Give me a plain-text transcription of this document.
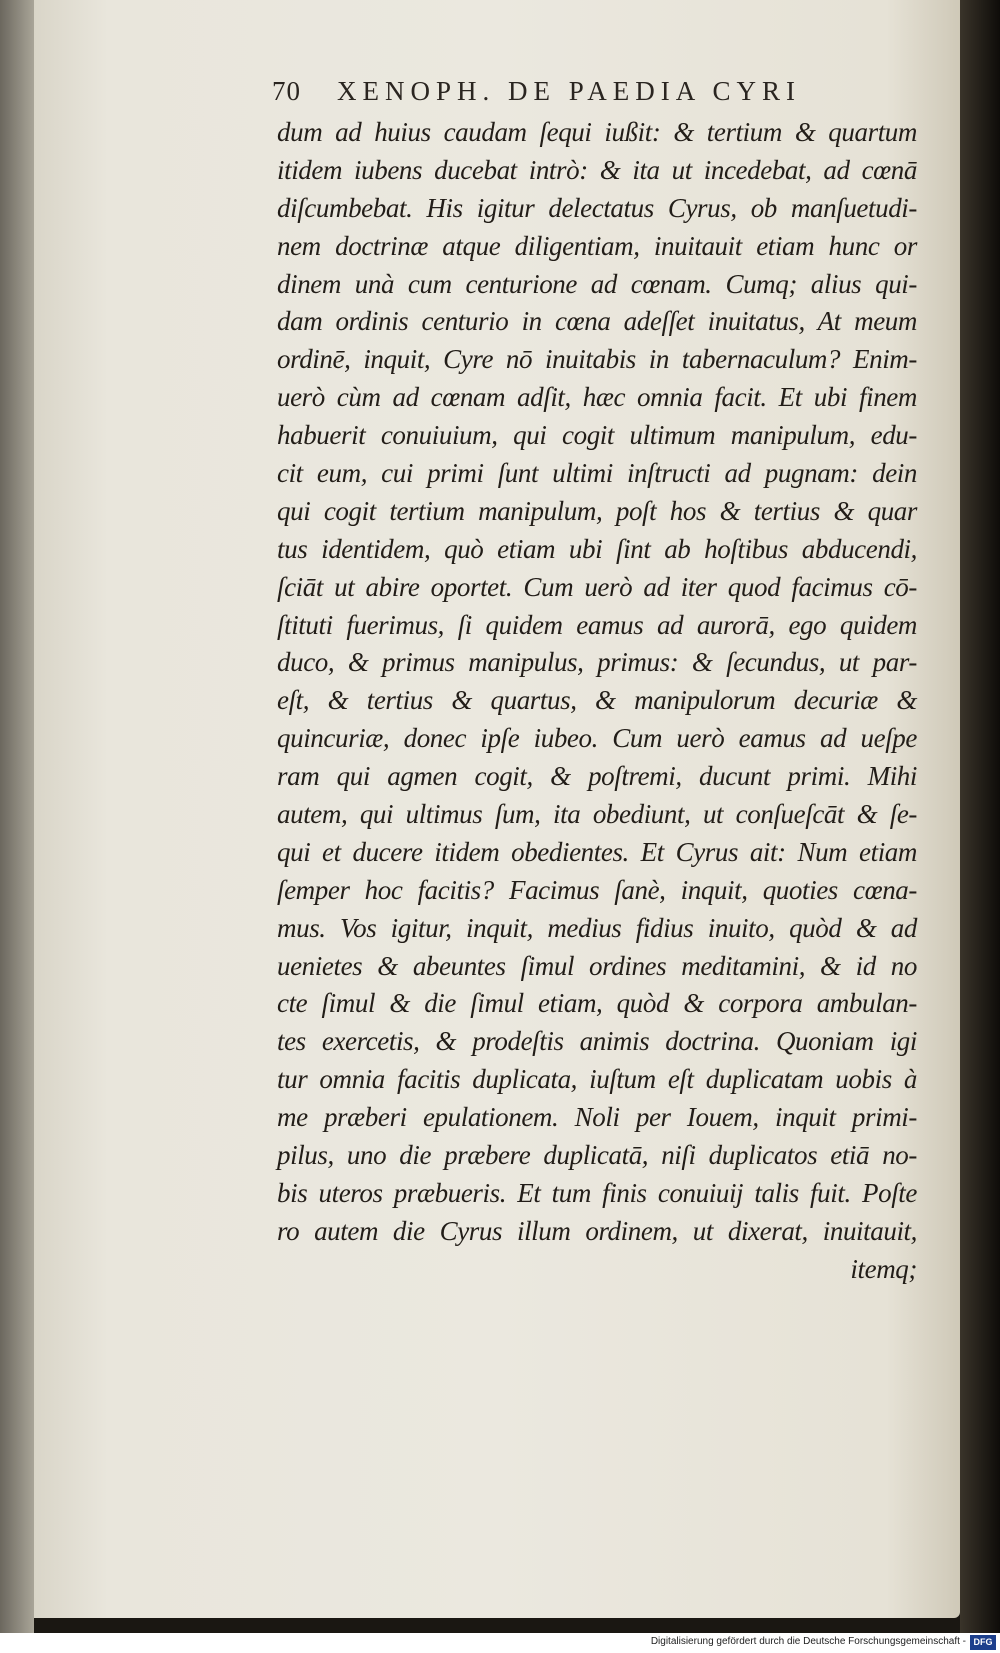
70 XENOPH. DE PAEDIA CYRI
dum ad huius caudam ſequi iußit: & tertium & quartum
itidem iubens ducebat intrò: & ita ut incedebat, ad cœnā
diſcumbebat. His igitur delectatus Cyrus, ob manſuetudi-
nem doctrinæ atque diligentiam, inuitauit etiam hunc or
dinem unà cum centurione ad cœnam. Cumq; alius qui-
dam ordinis centurio in cœna adeſſet inuitatus, At meum
ordinē, inquit, Cyre nō inuitabis in tabernaculum? Enim-
uerò cùm ad cœnam adſit, hæc omnia facit. Et ubi finem
habuerit conuiuium, qui cogit ultimum manipulum, edu-
cit eum, cui primi ſunt ultimi inſtructi ad pugnam: dein
qui cogit tertium manipulum, poſt hos & tertius & quar
tus identidem, quò etiam ubi ſint ab hoſtibus abducendi,
ſciāt ut abire oportet. Cum uerò ad iter quod facimus cō-
ſtituti fuerimus, ſi quidem eamus ad aurorā, ego quidem
duco, & primus manipulus, primus: & ſecundus, ut par-
eſt, & tertius & quartus, & manipulorum decuriæ &
quincuriæ, donec ipſe iubeo. Cum uerò eamus ad ueſpe
ram qui agmen cogit, & poſtremi, ducunt primi. Mihi
autem, qui ultimus ſum, ita obediunt, ut conſueſcāt & ſe-
qui et ducere itidem obedientes. Et Cyrus ait: Num etiam
ſemper hoc facitis? Facimus ſanè, inquit, quoties cœna-
mus. Vos igitur, inquit, medius fidius inuito, quòd & ad
uenietes & abeuntes ſimul ordines meditamini, & id no
cte ſimul & die ſimul etiam, quòd & corpora ambulan-
tes exercetis, & prodeſtis animis doctrina. Quoniam igi
tur omnia facitis duplicata, iuſtum eſt duplicatam uobis à
me præberi epulationem. Noli per Iouem, inquit primi-
pilus, uno die præbere duplicatā, niſi duplicatos etiā no-
bis uteros præbueris. Et tum finis conuiuij talis fuit. Poſte
ro autem die Cyrus illum ordinem, ut dixerat, inuitauit,
itemq;
Digitalisierung gefördert durch die Deutsche Forschungsgemeinschaft - DFG
